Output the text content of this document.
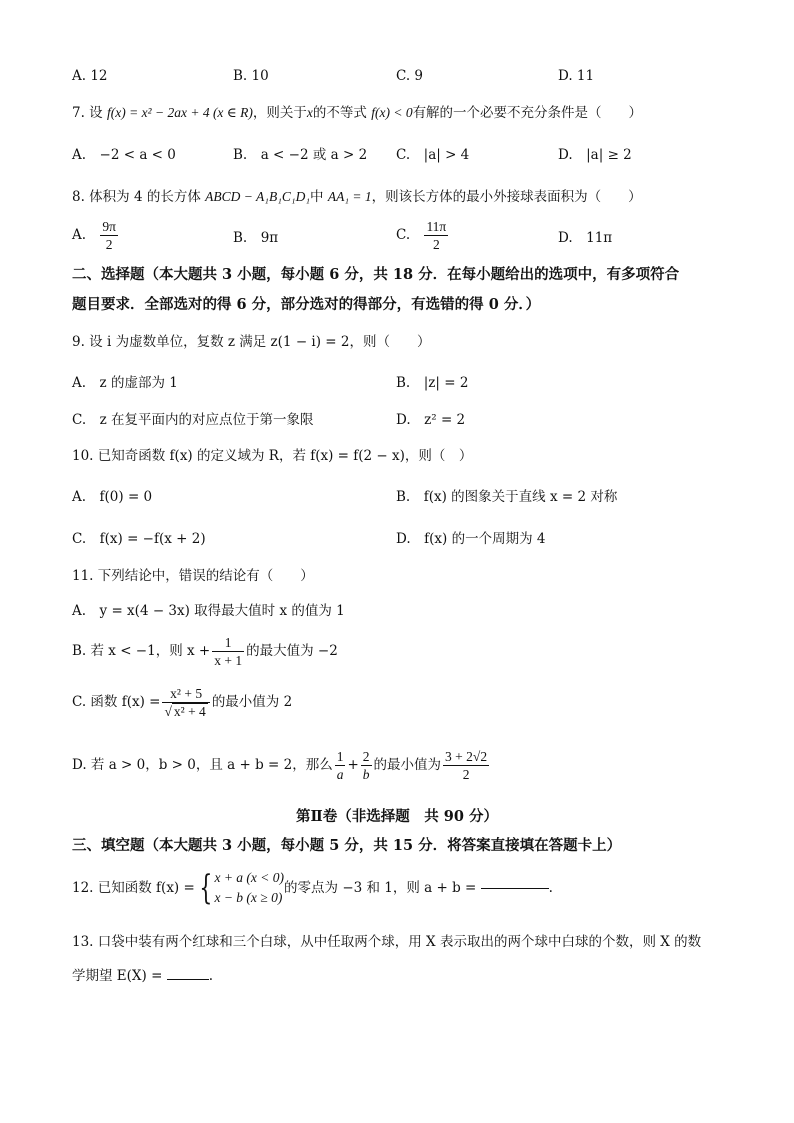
A. 12	B. 10	C. 9	D. 11
7. 设 f(x) = x² − 2ax + 4 (x ∈ R)，则关于x的不等式 f(x) < 0有解的一个必要不充分条件是（　　）
A.　−2 < a < 0	B.　a < −2 或 a > 2 C.　|a| > 4	D.　|a| ≥ 2
8. 体积为 4 的长方体 ABCD − A₁B₁C₁D₁中 AA₁ = 1，则该长方体的最小外接球表面积为（　　）
A. $\frac{9\pi}{2}$	B.　9π	C. $\frac{11\pi}{2}$	D.　11π
二、选择题（本大题共 3 小题，每小题 6 分，共 18 分．在每小题给出的选项中，有多项符合
题目要求．全部选对的得 6 分，部分选对的得部分，有选错的得 0 分．）
9. 设 i 为虚数单位，复数 z 满足 z(1 − i) = 2，则（　　）
A.　z 的虚部为 1	B.　|z| = 2
C.　z 在复平面内的对应点位于第一象限	D.　z² = 2
10. 已知奇函数 f(x) 的定义域为 R，若 f(x) = f(2 − x)，则（　）
A.　f(0) = 0	B.　f(x) 的图象关于直线 x = 2 对称
C.　f(x) = −f(x + 2)	D.　f(x) 的一个周期为 4
11. 下列结论中，错误的结论有（　　）
A.　y = x(4 − 3x) 取得最大值时 x 的值为 1
B. 若 x < −1，则 $x + \frac{1}{x + 1}$ 的最大值为 −2
C. 函数 $f(x) = \frac{\text{x² + 5}}{\text{√ x² + 4}}$ 的最小值为 2
D. 若 a > 0，b > 0，且 a + b = 2，那么 $\frac{1}{a} + \frac{2}{b}$ 的最小值为 $\frac{3 + 2√2}{2}$
第Ⅱ卷（非选择题　共 90 分）
三、填空题（本大题共 3 小题，每小题 5 分，共 15 分．将答案直接填在答题卡上）
12. 已知函数 f(x) = { x + a (x < 0)
x − b (x ≥ 0)
的零点为 −3 和 1，则 a + b =	.
13. 口袋中装有两个红球和三个白球，从中任取两个球，用 X 表示取出的两个球中白球的个数，则 X 的数
学期望 E(X) =	.
